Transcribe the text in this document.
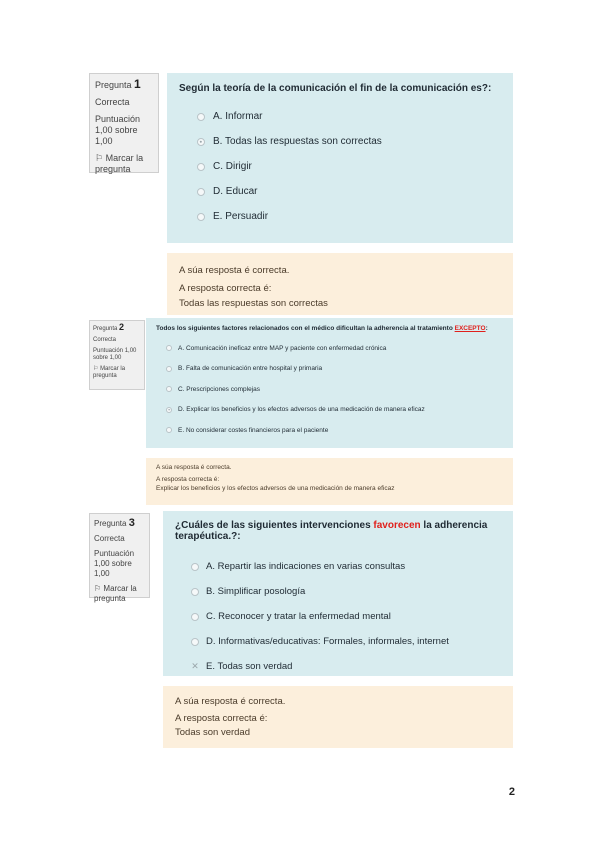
Pregunta 1
Correcta
Puntuación 1,00 sobre 1,00
⚐ Marcar la pregunta
Según la teoría de la comunicación el fin de la comunicación es?:
A. Informar
B. Todas las respuestas son correctas
C. Dirigir
D. Educar
E. Persuadir
A súa resposta é correcta.
A resposta correcta é:
Todas las respuestas son correctas
Pregunta 2
Correcta
Puntuación 1,00 sobre 1,00
⚐ Marcar la pregunta
Todos los siguientes factores relacionados con el médico dificultan la adherencia al tratamiento EXCEPTO:
A. Comunicación ineficaz entre MAP y paciente con enfermedad crónica
B. Falta de comunicación entre hospital y primaria
C. Prescripciones complejas
D. Explicar los beneficios y los efectos adversos de una medicación de manera eficaz
E. No considerar costes financieros para el paciente
A súa resposta é correcta.
A resposta correcta é:
Explicar los beneficios y los efectos adversos de una medicación de manera eficaz
Pregunta 3
Correcta
Puntuación 1,00 sobre 1,00
⚐ Marcar la pregunta
¿Cuáles de las siguientes intervenciones favorecen la adherencia terapéutica.?:
A. Repartir las indicaciones en varias consultas
B. Simplificar posología
C. Reconocer y tratar la enfermedad mental
D. Informativas/educativas: Formales, informales, internet
✕ E. Todas son verdad
A súa resposta é correcta.
A resposta correcta é:
Todas son verdad
2
